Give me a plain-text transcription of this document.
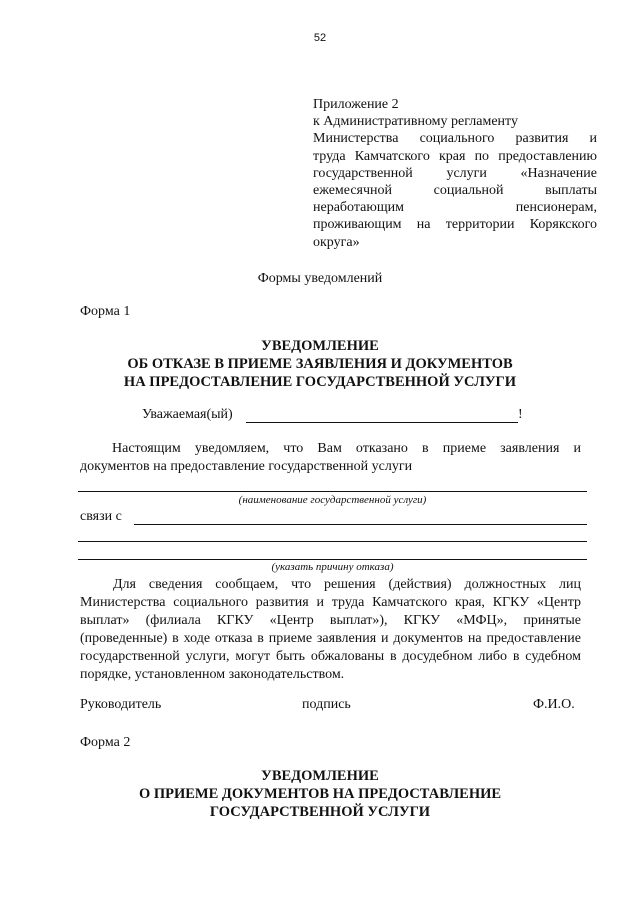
52
Приложение 2
к Административному регламенту
Министерства социального развития и
труда Камчатского края по предоставлению
государственной услуги «Назначение
ежемесячной социальной выплаты
неработающим пенсионерам,
проживающим на территории Корякского
округа»
Формы уведомлений
Форма 1
УВЕДОМЛЕНИЕ
ОБ ОТКАЗЕ В ПРИЕМЕ ЗАЯВЛЕНИЯ И ДОКУМЕНТОВ
НА ПРЕДОСТАВЛЕНИЕ ГОСУДАРСТВЕННОЙ УСЛУГИ
Уважаемая(ый)	!
Настоящим уведомляем, что Вам отказано в приеме заявления и
документов на предоставление государственной услуги
(наименование государственной услуги)
связи с
(указать причину отказа)
Для сведения сообщаем, что решения (действия) должностных лиц Министерства социального развития и труда Камчатского края, КГКУ «Центр выплат» (филиала КГКУ «Центр выплат»), КГКУ «МФЦ», принятые (проведенные) в ходе отказа в приеме заявления и документов на предоставление государственной услуги, могут быть обжалованы в досудебном либо в судебном порядке, установленном законодательством.
Руководитель	подпись	Ф.И.О.
Форма 2
УВЕДОМЛЕНИЕ
О ПРИЕМЕ ДОКУМЕНТОВ НА ПРЕДОСТАВЛЕНИЕ
ГОСУДАРСТВЕННОЙ УСЛУГИ
